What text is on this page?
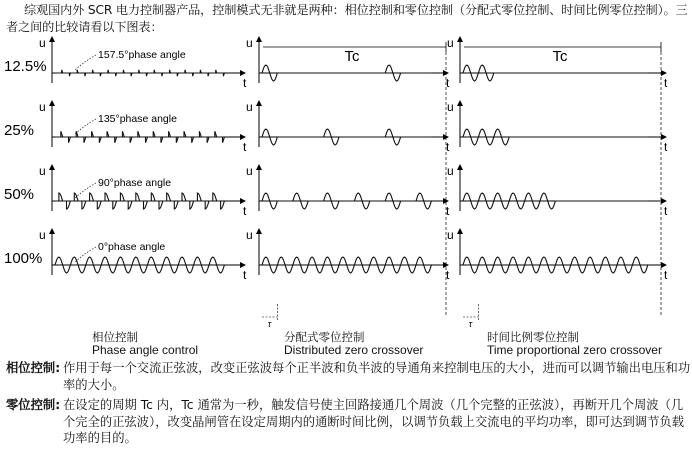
综观国内外 SCR 电力控制器产品，控制模式无非就是两种：相位控制和零位控制（分配式零位控制、时间比例零位控制）。三者之间的比较请看以下图表：
12.5%
u
t
u
t
u
t
157.5°phase angle
25%
u
t
u
t
u
t
135°phase angle
50%
u
t
u
t
u
t
90°phase angle
100%
u
t
u
t
u
t
0°phase angle
Tc	Tc
τ	τ
相位控制
Phase angle control
分配式零位控制
Distributed zero crossover
时间比例零位控制
Time proportional zero crossover
相位控制: 作用于每一个交流正弦波，改变正弦波每个正半波和负半波的导通角来控制电压的大小，进而可以调节输出电压和功率的大小。
零位控制: 在设定的周期 Tc 内，Tc 通常为一秒，触发信号使主回路接通几个周波（几个完整的正弦波），再断开几个周波（几个完全的正弦波），改变晶闸管在设定周期内的通断时间比例，以调节负载上交流电的平均功率，即可达到调节负载功率的目的。
